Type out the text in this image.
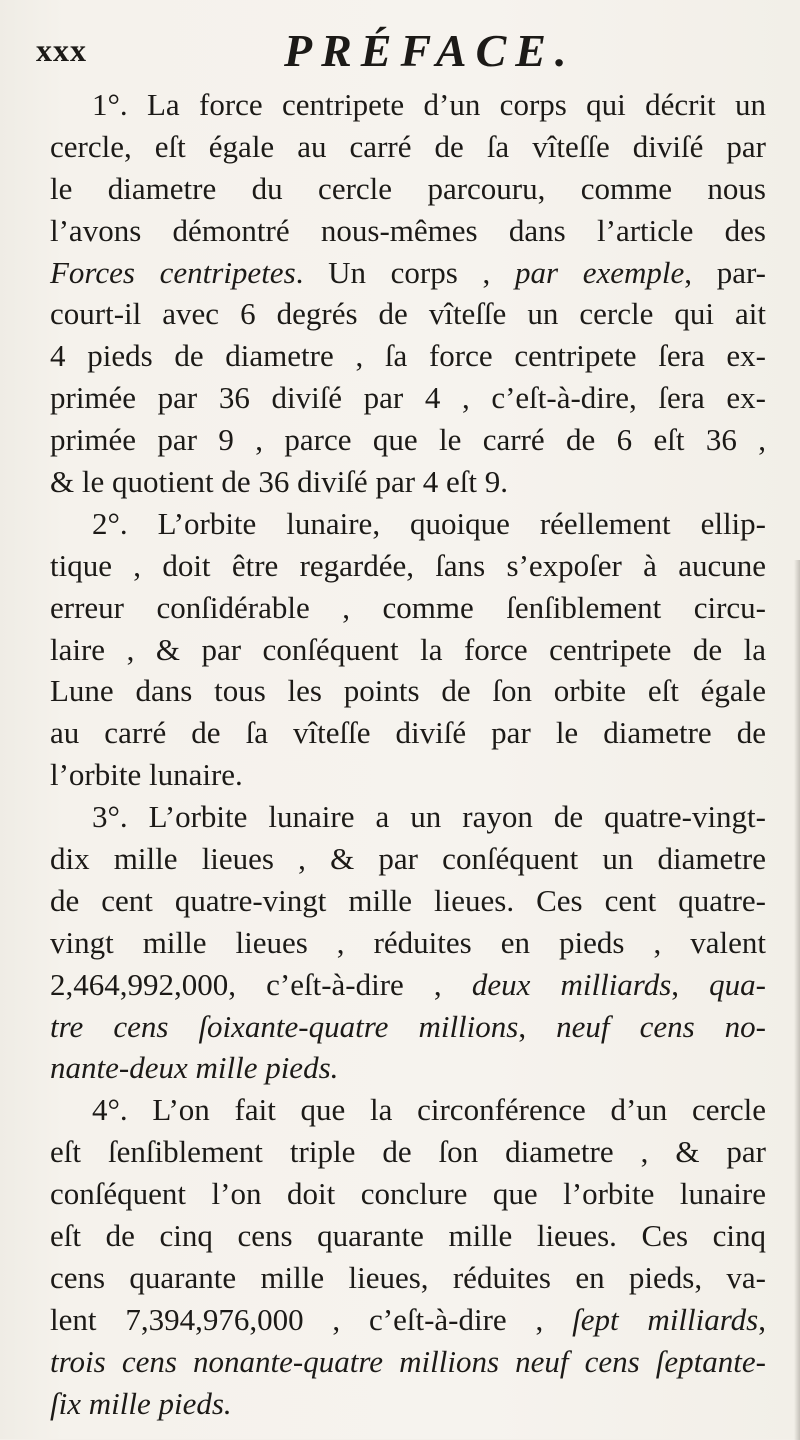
xxx	PRÉFACE.
1°. La force centripete d’un corps qui décrit un
cercle, eſt égale au carré de ſa vîteſſe diviſé par
le diametre du cercle parcouru, comme nous
l’avons démontré nous-mêmes dans l’article des
Forces centripetes. Un corps , par exemple, par-
court-il avec 6 degrés de vîteſſe un cercle qui ait
4 pieds de diametre , ſa force centripete ſera ex-
primée par 36 diviſé par 4 , c’eſt-à-dire, ſera ex-
primée par 9 , parce que le carré de 6 eſt 36 ,
& le quotient de 36 diviſé par 4 eſt 9.
2°. L’orbite lunaire, quoique réellement ellip-
tique , doit être regardée, ſans s’expoſer à aucune
erreur conſidérable , comme ſenſiblement circu-
laire , & par conſéquent la force centripete de la
Lune dans tous les points de ſon orbite eſt égale
au carré de ſa vîteſſe diviſé par le diametre de
l’orbite lunaire.
3°. L’orbite lunaire a un rayon de quatre-vingt-
dix mille lieues , & par conſéquent un diametre
de cent quatre-vingt mille lieues. Ces cent quatre-
vingt mille lieues , réduites en pieds , valent
2,464,992,000, c’eſt-à-dire , deux milliards, qua-
tre cens ſoixante-quatre millions, neuf cens no-
nante-deux mille pieds.
4°. L’on fait que la circonférence d’un cercle
eſt ſenſiblement triple de ſon diametre , & par
conſéquent l’on doit conclure que l’orbite lunaire
eſt de cinq cens quarante mille lieues. Ces cinq
cens quarante mille lieues, réduites en pieds, va-
lent 7,394,976,000 , c’eſt-à-dire , ſept milliards,
trois cens nonante-quatre millions neuf cens ſeptante-
ſix mille pieds.
